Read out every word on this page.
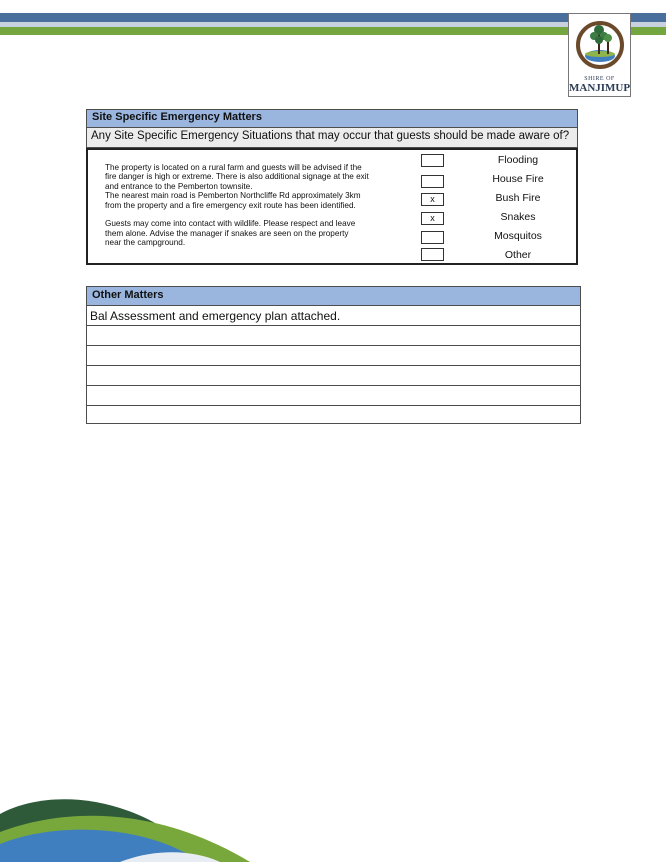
SHIRE OF
MANJIMUP
Site Specific Emergency Matters
Any Site Specific Emergency Situations that may occur that guests should be made aware of?

The property is located on a rural farm and guests will be advised if the
fire danger is high or extreme. There is also additional signage at the exit
and entrance to the Pemberton townsite.

The nearest main road is Pemberton Northcliffe Rd approximately 3km
from the property and a fire emergency exit route has been identified.

Guests may come into contact with wildlife. Please respect and leave
them alone. Advise the manager if snakes are seen on the property
near the campground.

Flooding
House Fire
x	Bush Fire
x	Snakes
Mosquitos
Other
Other Matters
Bal Assessment and emergency plan attached.
